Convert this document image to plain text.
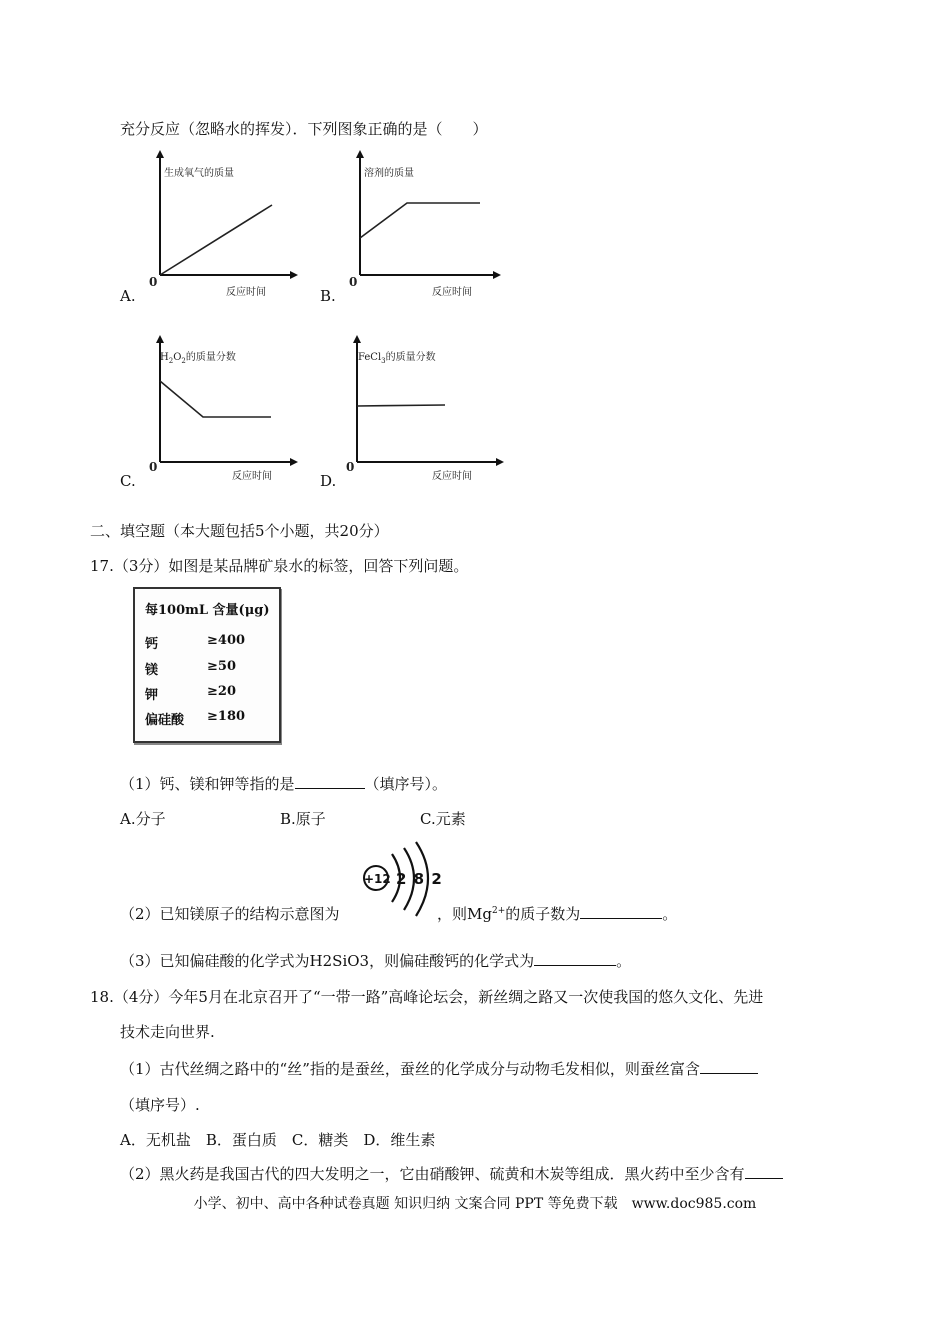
充分反应（忽略水的挥发）．下列图象正确的是（　　）
生成氧气的质量
0
反应时间
A.
溶剂的质量
0
反应时间
B.
$H_2O_2$的质量分数
0
反应时间
C.
FeCl$_3$的质量分数
0
反应时间
D.
二、填空题（本大题包括5个小题，共20分）
17.（3分）如图是某品牌矿泉水的标签，回答下列问题。
每100mL 含量(μg)
钙	≥400
镁	≥50
钾	≥20
偏硅酸 ≥180
（1）钙、镁和钾等指的是	（填序号）。
A.分子	B.原子	C.元素
+12 2 8 2
（2）已知镁原子的结构示意图为	，则$Mg^{2+}$的质子数为	。
（3）已知偏硅酸的化学式为H2SiO3，则偏硅酸钙的化学式为	。
18.（4分）今年5月在北京召开了“一带一路”高峰论坛会，新丝绸之路又一次使我国的悠久文化、先进
技术走向世界.
（1）古代丝绸之路中的“丝”指的是蚕丝，蚕丝的化学成分与动物毛发相似，则蚕丝富含
（填序号）.
A．无机盐　B．蛋白质　C．糖类　D．维生素
（2）黑火药是我国古代的四大发明之一，它由硝酸钾、硫黄和木炭等组成．黑火药中至少含有
小学、初中、高中各种试卷真题 知识归纳 文案合同 PPT 等免费下载　www.doc985.com
